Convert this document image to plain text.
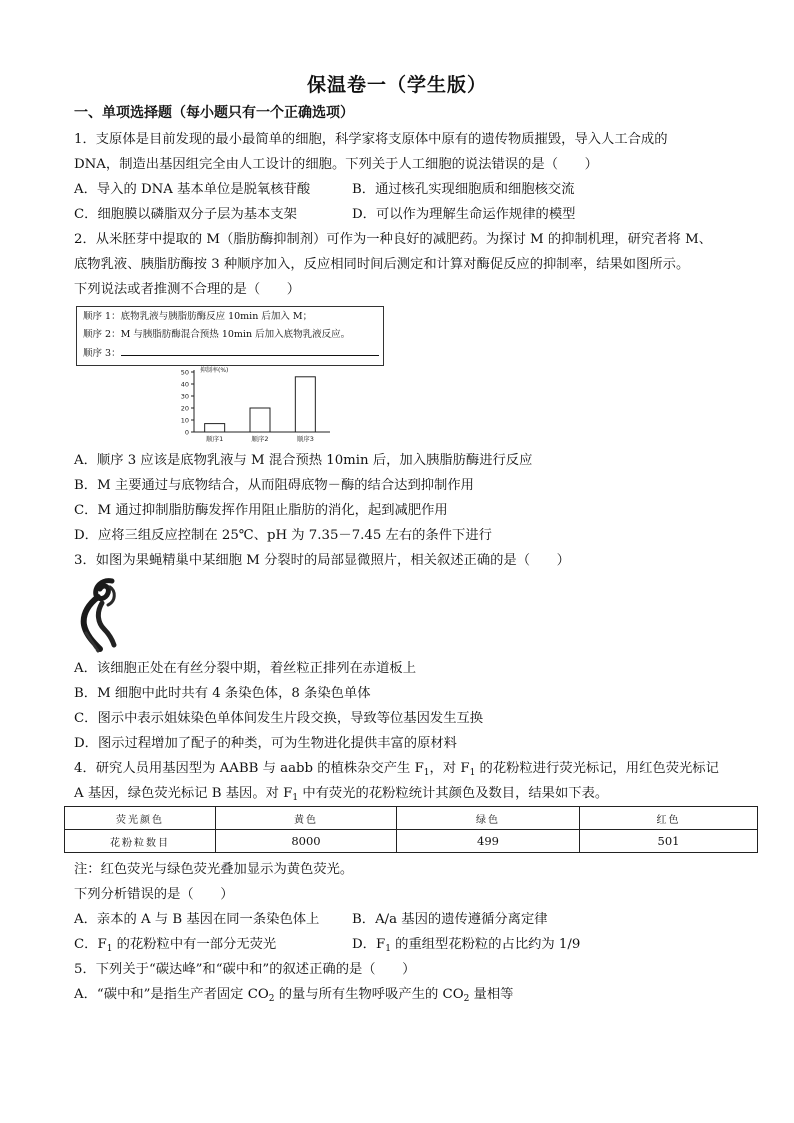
保温卷一（学生版）
一、单项选择题（每小题只有一个正确选项）
1．支原体是目前发现的最小最简单的细胞，科学家将支原体中原有的遗传物质摧毁，导入人工合成的
DNA，制造出基因组完全由人工设计的细胞。下列关于人工细胞的说法错误的是（　　）
A．导入的 DNA 基本单位是脱氧核苷酸	B．通过核孔实现细胞质和细胞核交流
C．细胞膜以磷脂双分子层为基本支架	D．可以作为理解生命运作规律的模型
2．从米胚芽中提取的 M（脂肪酶抑制剂）可作为一种良好的减肥药。为探讨 M 的抑制机理，研究者将 M、
底物乳液、胰脂肪酶按 3 种顺序加入，反应相同时间后测定和计算对酶促反应的抑制率，结果如图所示。
下列说法或者推测不合理的是（　　）
顺序 1：底物乳液与胰脂肪酶反应 10min 后加入 M；
顺序 2：M 与胰脂肪酶混合预热 10min 后加入底物乳液反应。
顺序 3：
0
10
20
30
40
50 抑制率(%)
顺序1	顺序2	顺序3
A．顺序 3 应该是底物乳液与 M 混合预热 10min 后，加入胰脂肪酶进行反应
B．M 主要通过与底物结合，从而阻碍底物－酶的结合达到抑制作用
C．M 通过抑制脂肪酶发挥作用阻止脂肪的消化，起到减肥作用
D．应将三组反应控制在 25℃、pH 为 7.35－7.45 左右的条件下进行
3．如图为果蝇精巢中某细胞 M 分裂时的局部显微照片，相关叙述正确的是（　　）
A．该细胞正处在有丝分裂中期，着丝粒正排列在赤道板上
B．M 细胞中此时共有 4 条染色体，8 条染色单体
C．图示中表示姐妹染色单体间发生片段交换，导致等位基因发生互换
D．图示过程增加了配子的种类，可为生物进化提供丰富的原材料
4．研究人员用基因型为 AABB 与 aabb 的植株杂交产生 $F_1$，对 $F_1$ 的花粉粒进行荧光标记，用红色荧光标记
A 基因，绿色荧光标记 B 基因。对 $F_1$ 中有荧光的花粉粒统计其颜色及数目，结果如下表。
荧光颜色	黄色	绿色	红色
花粉粒数目	8000	499	501
注：红色荧光与绿色荧光叠加显示为黄色荧光。
下列分析错误的是（　　）
A．亲本的 A 与 B 基因在同一条染色体上 B．A/a 基因的遗传遵循分离定律
C．$F_1$ 的花粉粒中有一部分无荧光	D．$F_1$ 的重组型花粉粒的占比约为 1/9
5．下列关于“碳达峰”和“碳中和”的叙述正确的是（　　）
A．“碳中和”是指生产者固定 $CO_2$ 的量与所有生物呼吸产生的 $CO_2$ 量相等
